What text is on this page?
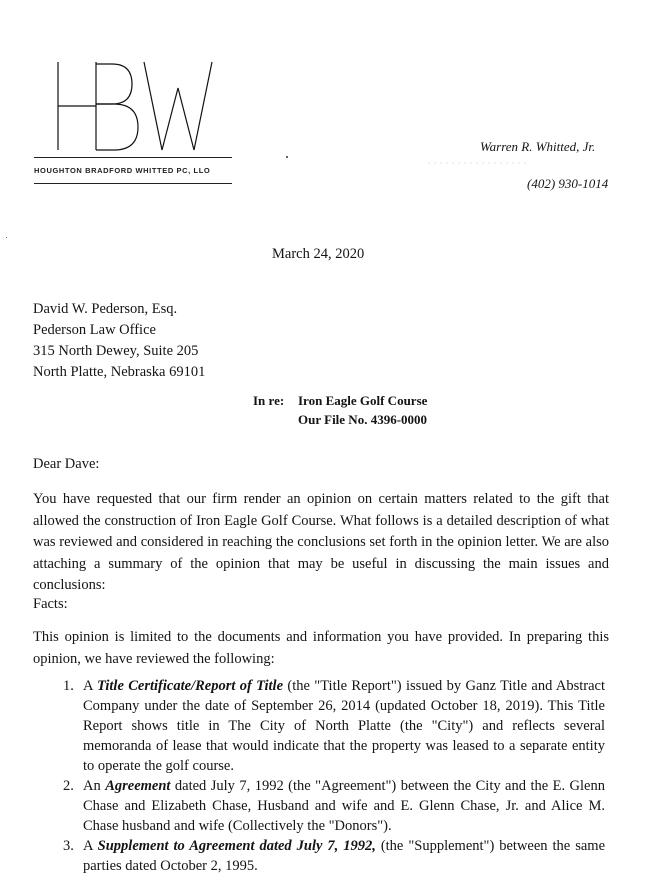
HOUGHTON BRADFORD WHITTED PC, LLO
Warren R. Whitted, Jr.
· · · · · · · · · · · · · · · · ·
(402) 930-1014
March 24, 2020
David W. Pederson, Esq.
Pederson Law Office
315 North Dewey, Suite 205
North Platte, Nebraska 69101
In re: Iron Eagle Golf Course
Our File No. 4396-0000
Dear Dave:
You have requested that our firm render an opinion on certain matters related to the gift that allowed the construction of Iron Eagle Golf Course. What follows is a detailed description of what was reviewed and considered in reaching the conclusions set forth in the opinion letter. We are also attaching a summary of the opinion that may be useful in discussing the main issues and conclusions:
Facts:
This opinion is limited to the documents and information you have provided. In preparing this opinion, we have reviewed the following:
1. A Title Certificate/Report of Title (the "Title Report") issued by Ganz Title and Abstract Company under the date of September 26, 2014 (updated October 18, 2019). This Title Report shows title in The City of North Platte (the "City") and reflects several memoranda of lease that would indicate that the property was leased to a separate entity to operate the golf course.
2. An Agreement dated July 7, 1992 (the "Agreement") between the City and the E. Glenn Chase and Elizabeth Chase, Husband and wife and E. Glenn Chase, Jr. and Alice M. Chase husband and wife (Collectively the "Donors").
3. A Supplement to Agreement dated July 7, 1992, (the "Supplement") between the same parties dated October 2, 1995.
